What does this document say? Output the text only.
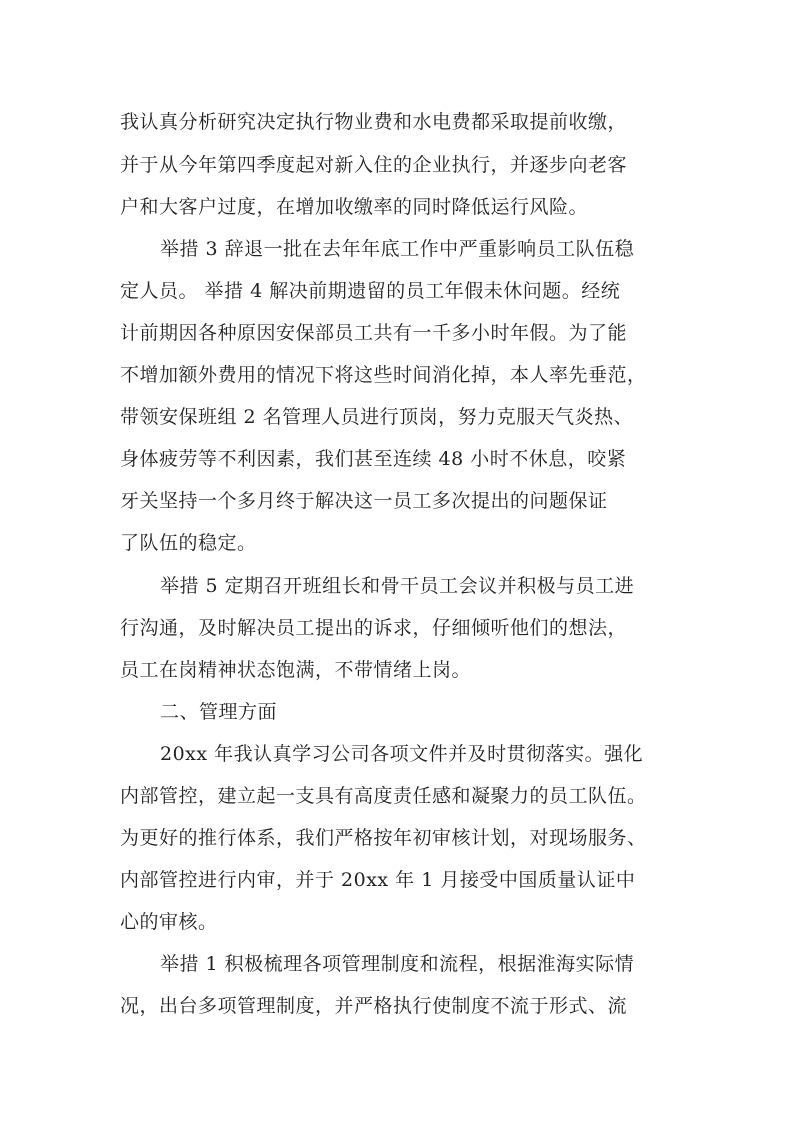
我认真分析研究决定执行物业费和水电费都采取提前收缴，
并于从今年第四季度起对新入住的企业执行，并逐步向老客
户和大客户过度，在增加收缴率的同时降低运行风险。
举措 3 辞退一批在去年年底工作中严重影响员工队伍稳
定人员。 举措 4 解决前期遗留的员工年假未休问题。经统
计前期因各种原因安保部员工共有一千多小时年假。为了能
不增加额外费用的情况下将这些时间消化掉，本人率先垂范，
带领安保班组 2 名管理人员进行顶岗，努力克服天气炎热、
身体疲劳等不利因素，我们甚至连续 48 小时不休息，咬紧
牙关坚持一个多月终于解决这一员工多次提出的问题保证
了队伍的稳定。
举措 5 定期召开班组长和骨干员工会议并积极与员工进
行沟通，及时解决员工提出的诉求，仔细倾听他们的想法，
员工在岗精神状态饱满，不带情绪上岗。
二、管理方面
20xx 年我认真学习公司各项文件并及时贯彻落实。强化
内部管控，建立起一支具有高度责任感和凝聚力的员工队伍。
为更好的推行体系，我们严格按年初审核计划，对现场服务、
内部管控进行内审，并于 20xx 年 1 月接受中国质量认证中
心的审核。
举措 1 积极梳理各项管理制度和流程，根据淮海实际情
况，出台多项管理制度，并严格执行使制度不流于形式、流
